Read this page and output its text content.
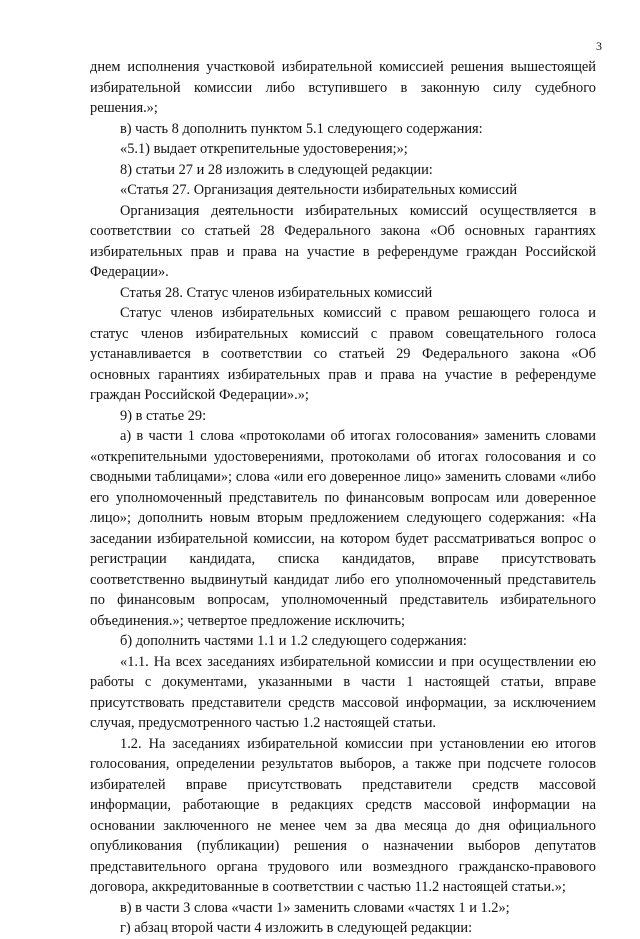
3

днем исполнения участковой избирательной комиссией решения вышестоящей избирательной комиссии либо вступившего в законную силу судебного решения.»;

в) часть 8 дополнить пунктом 5.1 следующего содержания:

«5.1) выдает открепительные удостоверения;»;

8) статьи 27 и 28 изложить в следующей редакции:

«Статья 27. Организация деятельности избирательных комиссий

Организация деятельности избирательных комиссий осуществляется в соответствии со статьей 28 Федерального закона «Об основных гарантиях избирательных прав и права на участие в референдуме граждан Российской Федерации».

Статья 28. Статус членов избирательных комиссий

Статус членов избирательных комиссий с правом решающего голоса и статус членов избирательных комиссий с правом совещательного голоса устанавливается в соответствии со статьей 29 Федерального закона «Об основных гарантиях избирательных прав и права на участие в референдуме граждан Российской Федерации».»;

9) в статье 29:

а) в части 1 слова «протоколами об итогах голосования» заменить словами «открепительными удостоверениями, протоколами об итогах голосования и со сводными таблицами»; слова «или его доверенное лицо» заменить словами «либо его уполномоченный представитель по финансовым вопросам или доверенное лицо»; дополнить новым вторым предложением следующего содержания: «На заседании избирательной комиссии, на котором будет рассматриваться вопрос о регистрации кандидата, списка кандидатов, вправе присутствовать соответственно выдвинутый кандидат либо его уполномоченный представитель по финансовым вопросам, уполномоченный представитель избирательного объединения.»; четвертое предложение исключить;

б) дополнить частями 1.1 и 1.2 следующего содержания:

«1.1. На всех заседаниях избирательной комиссии и при осуществлении ею работы с документами, указанными в части 1 настоящей статьи, вправе присутствовать представители средств массовой информации, за исключением случая, предусмотренного частью 1.2 настоящей статьи.

1.2. На заседаниях избирательной комиссии при установлении ею итогов голосования, определении результатов выборов, а также при подсчете голосов избирателей вправе присутствовать представители средств массовой информации, работающие в редакциях средств массовой информации на основании заключенного не менее чем за два месяца до дня официального опубликования (публикации) решения о назначении выборов депутатов представительного органа трудового или возмездного гражданско-правового договора, аккредитованные в соответствии с частью 11.2 настоящей статьи.»;

в) в части 3 слова «части 1» заменить словами «частях 1 и 1.2»;

г) абзац второй части 4 изложить в следующей редакции:
